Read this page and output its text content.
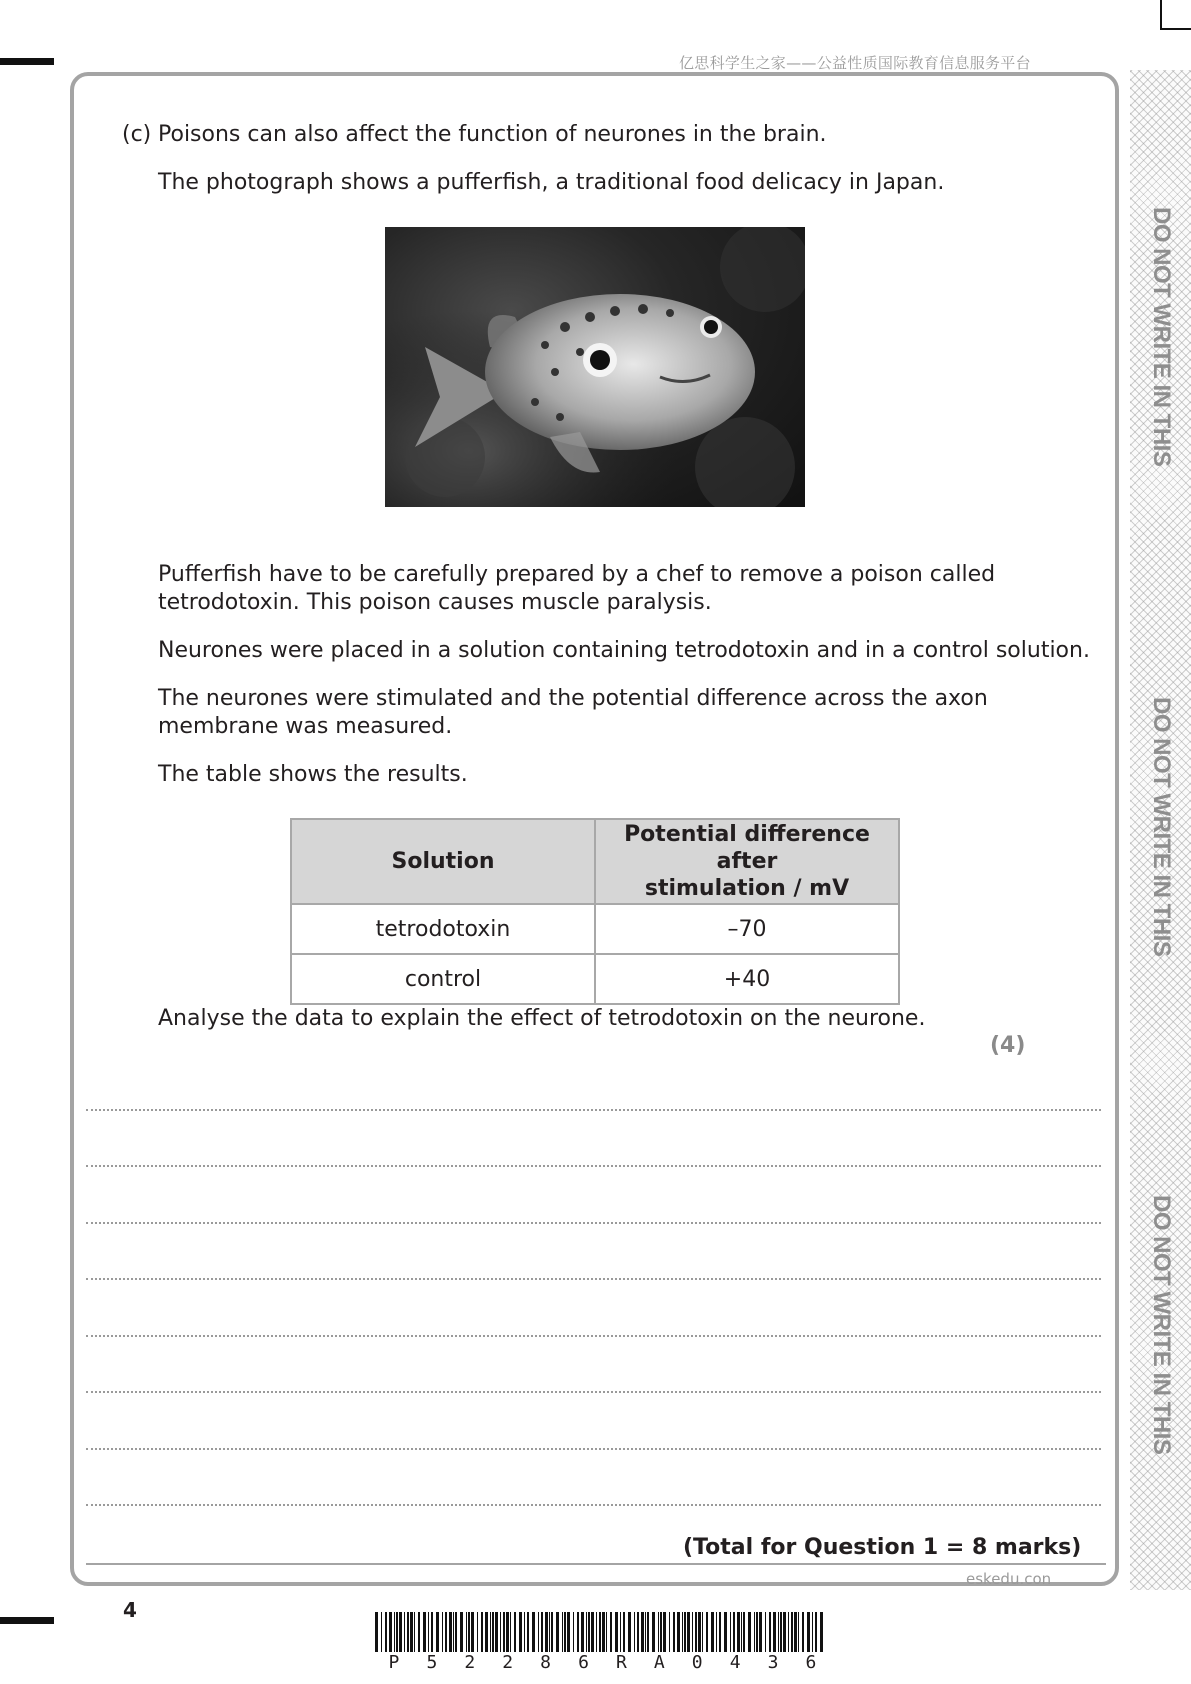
亿思科学生之家——公益性质国际教育信息服务平台
DO NOT WRITE IN THIS
DO NOT WRITE IN THIS
DO NOT WRITE IN THIS
(c) Poisons can also affect the function of neurones in the brain.
The photograph shows a pufferfish, a traditional food delicacy in Japan.
Pufferfish have to be carefully prepared by a chef to remove a poison called
tetrodotoxin. This poison causes muscle paralysis.
Neurones were placed in a solution containing tetrodotoxin and in a control solution.
The neurones were stimulated and the potential difference across the axon
membrane was measured.
The table shows the results.
Solution	Potential difference after
stimulation / mV
tetrodotoxin	–70
control	+40
Analyse the data to explain the effect of tetrodotoxin on the neurone.
(4)
(Total for Question 1 = 8 marks)
eskedu.con
4
P 5 2 2 8 6 R A 0 4 3 6
